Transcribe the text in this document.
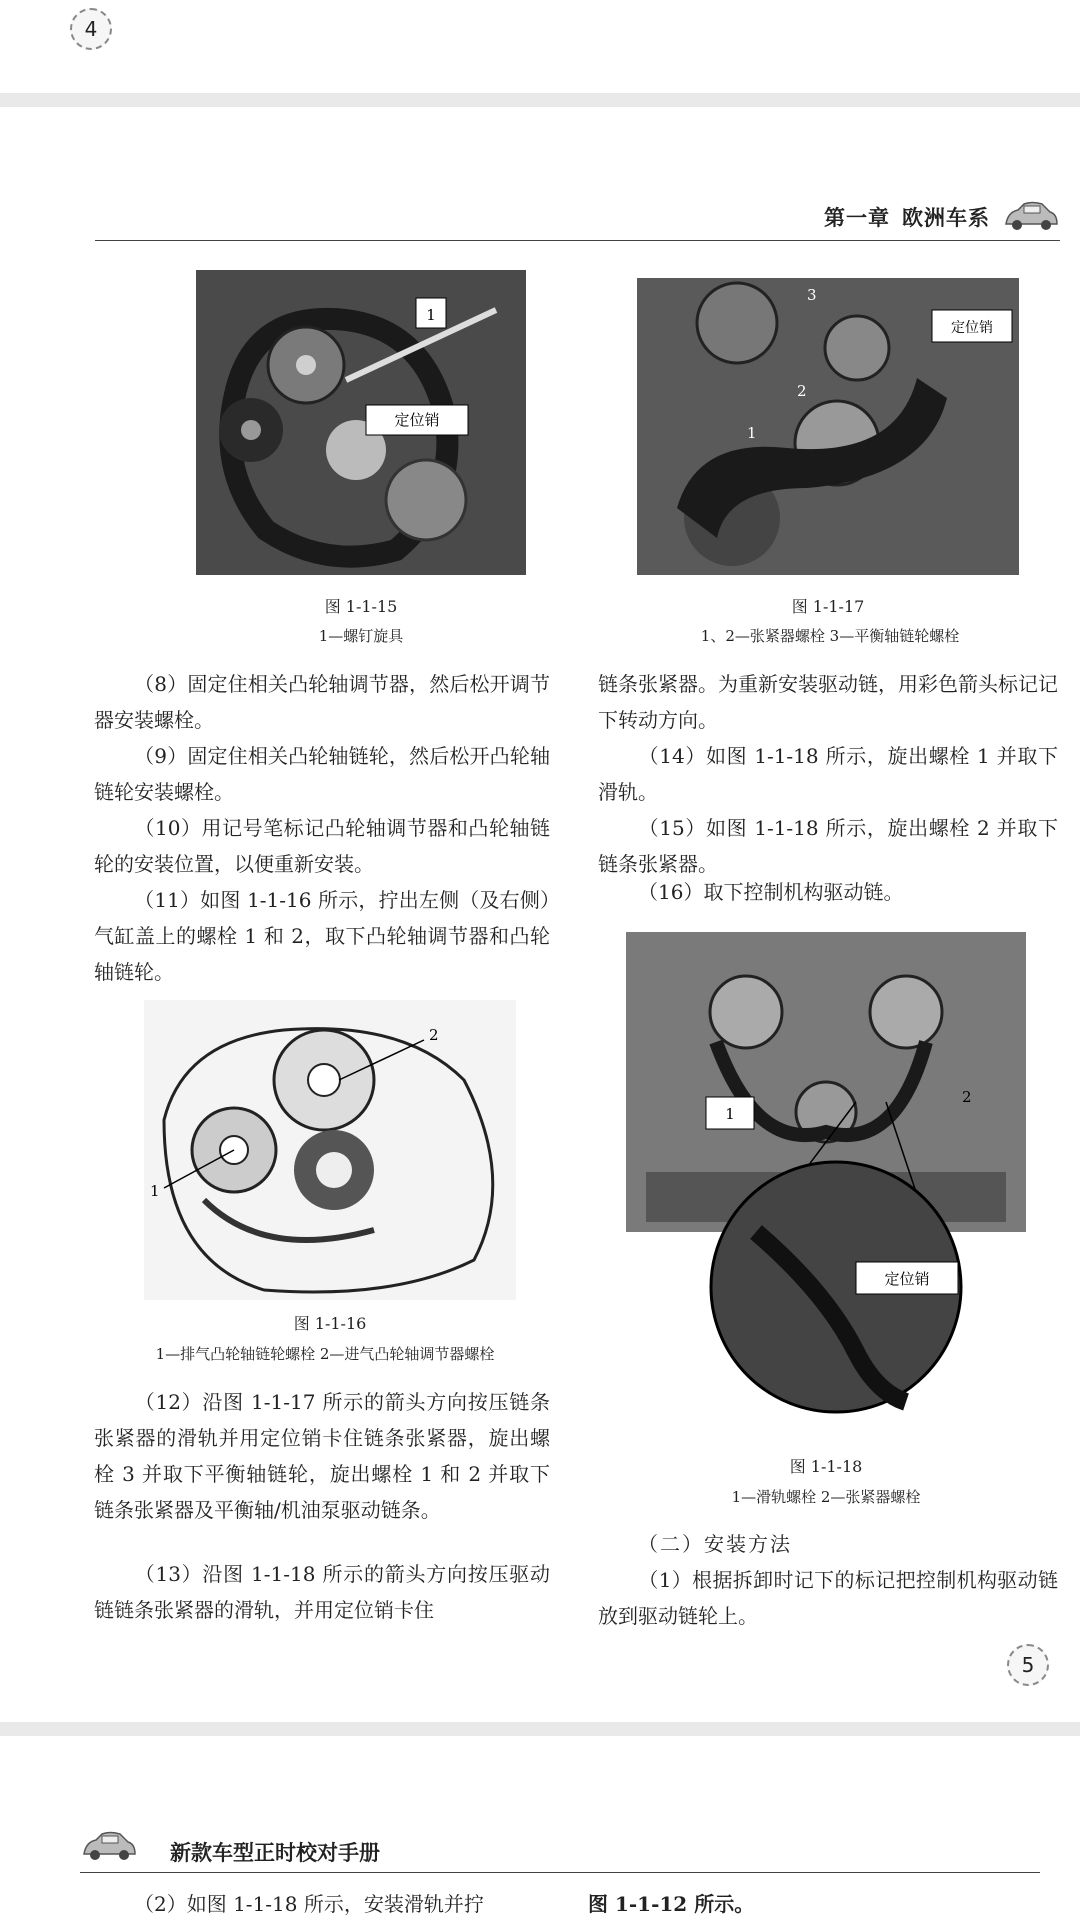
4
第一章 欧洲车系
1
定位销
图 1-1-15
1—螺钉旋具
定位销
3
2
1
图 1-1-17
1、2—张紧器螺栓 3—平衡轴链轮螺栓
（8）固定住相关凸轮轴调节器，然后松开调节器安装螺栓。
（9）固定住相关凸轮轴链轮，然后松开凸轮轴链轮安装螺栓。
（10）用记号笔标记凸轮轴调节器和凸轮轴链轮的安装位置，以便重新安装。
（11）如图 1-1-16 所示，拧出左侧（及右侧）气缸盖上的螺栓 1 和 2，取下凸轮轴调节器和凸轮轴链轮。
2
1
图 1-1-16
1—排气凸轮轴链轮螺栓 2—进气凸轮轴调节器螺栓
（12）沿图 1-1-17 所示的箭头方向按压链条张紧器的滑轨并用定位销卡住链条张紧器，旋出螺栓 3 并取下平衡轴链轮，旋出螺栓 1 和 2 并取下链条张紧器及平衡轴/机油泵驱动链条。
（13）沿图 1-1-18 所示的箭头方向按压驱动链链条张紧器的滑轨，并用定位销卡住
链条张紧器。为重新安装驱动链，用彩色箭头标记记下转动方向。
（14）如图 1-1-18 所示，旋出螺栓 1 并取下滑轨。
（15）如图 1-1-18 所示，旋出螺栓 2 并取下链条张紧器。
（16）取下控制机构驱动链。
1
2
定位销
图 1-1-18
1—滑轨螺栓 2—张紧器螺栓
（二）安装方法
（1）根据拆卸时记下的标记把控制机构驱动链放到驱动链轮上。
5
新款车型正时校对手册
（2）如图 1-1-18 所示，安装滑轨并拧	图 1-1-12 所示。
